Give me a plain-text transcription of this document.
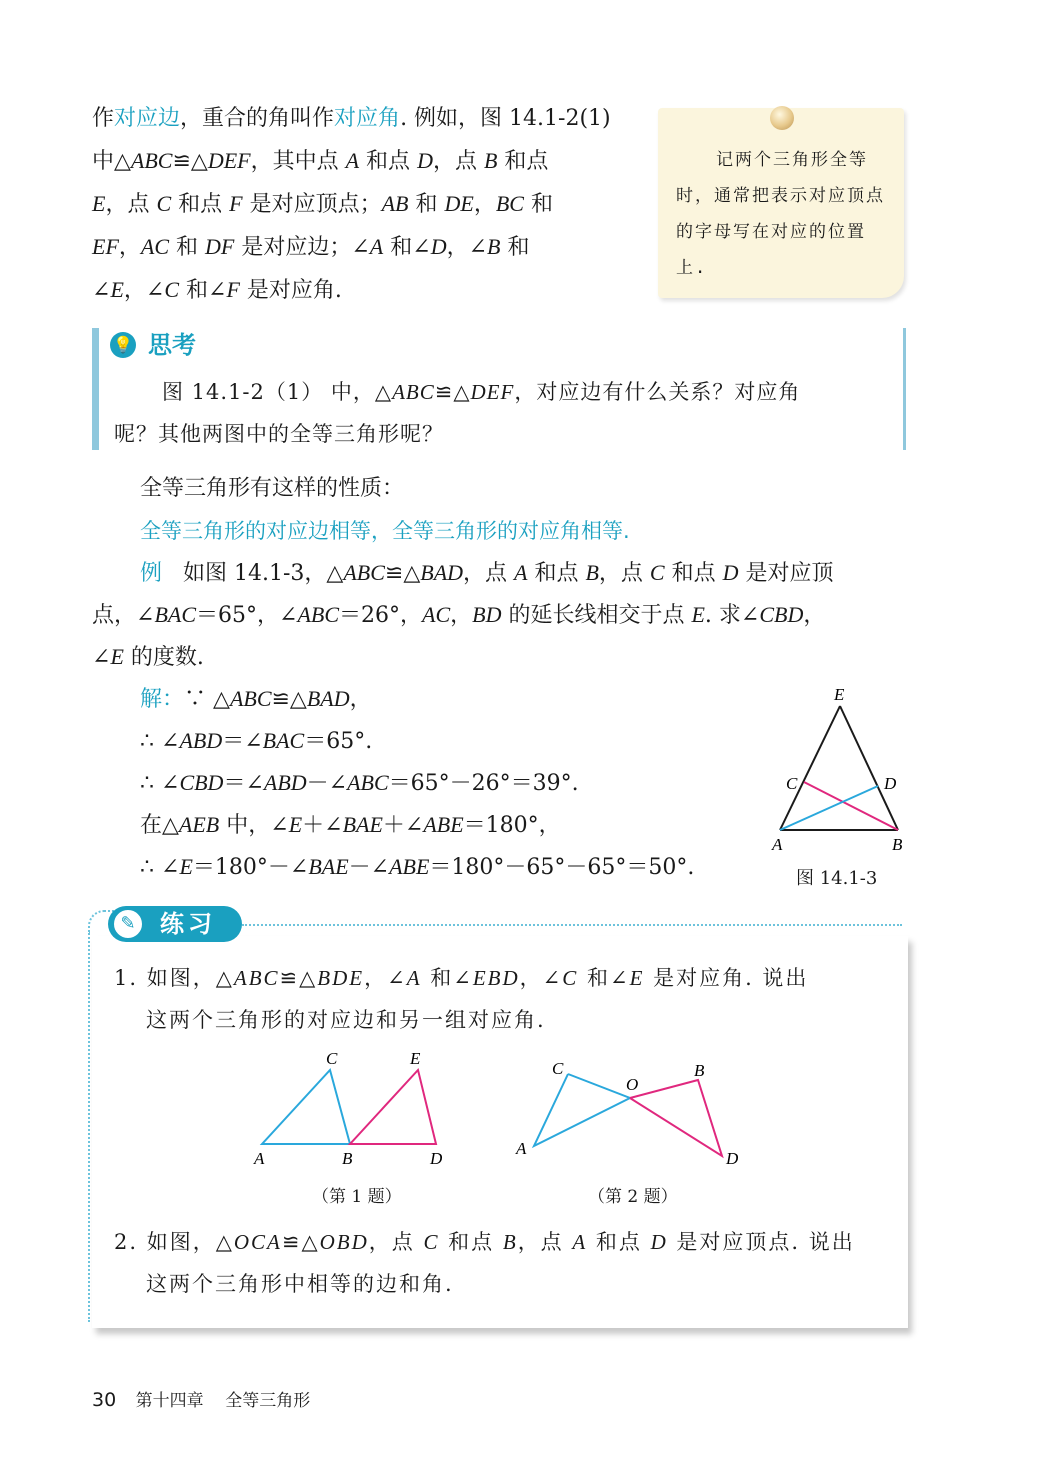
作对应边，重合的角叫作对应角. 例如，图 14.1-2(1)
中△ABC≌△DEF，其中点 A 和点 D，点 B 和点
E，点 C 和点 F 是对应顶点；AB 和 DE，BC 和
EF，AC 和 DF 是对应边；∠A 和∠D，∠B 和
∠E，∠C 和∠F 是对应角.
记两个三角形全等时，通常把表示对应顶点的字母写在对应的位置上.
💡 思考
图 14.1-2（1） 中，△ABC≌△DEF，对应边有什么关系？对应角
呢？其他两图中的全等三角形呢？
全等三角形有这样的性质：
全等三角形的对应边相等，全等三角形的对应角相等.
例 如图 14.1-3，△ABC≌△BAD，点 A 和点 B，点 C 和点 D 是对应顶
点，∠BAC＝65°，∠ABC＝26°，AC，BD 的延长线相交于点 E. 求∠CBD，
∠E 的度数.
解：∵ △ABC≌△BAD，
∴ ∠ABD＝∠BAC＝65°.
∴ ∠CBD＝∠ABD－∠ABC＝65°－26°＝39°.
在△AEB 中，∠E＋∠BAE＋∠ABE＝180°，
∴ ∠E＝180°－∠BAE－∠ABE＝180°－65°－65°＝50°.
E
C	D
A	B
图 14.1-3
✎	练习
1. 如图，△ABC≌△BDE，∠A 和∠EBD，∠C 和∠E 是对应角. 说出
这两个三角形的对应边和另一组对应角.
C	E
A	B	D
（第 1 题）
C
O
B
A
D
（第 2 题）
2. 如图，△OCA≌△OBD，点 C 和点 B，点 A 和点 D 是对应顶点. 说出
这两个三角形中相等的边和角.
30 第十四章 全等三角形
